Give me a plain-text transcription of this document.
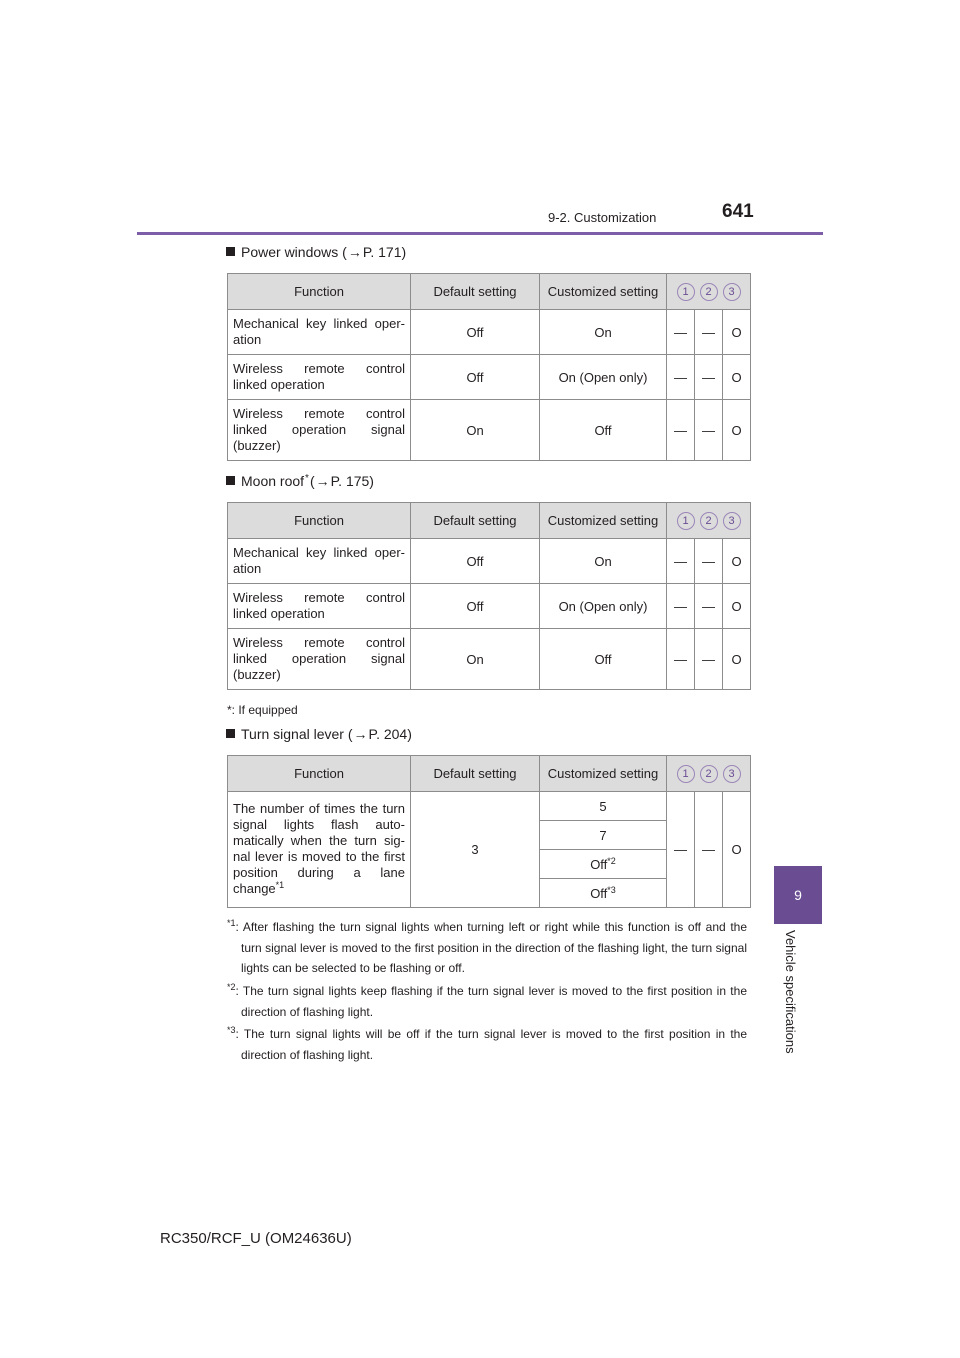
9-2. Customization	641
9
Vehicle specifications
Power windows ( → P. 171)
Function	Default setting	Customized setting	1 2 3		

Mechanical key linked oper-ation	Off	On	—	—	O
Wireless remote control linked operation	Off	On (Open only)	—	—	O
Wireless remote control linked operation signal (buzzer)	On	Off	—	—	O
Moon roof * ( → P. 175)
Function	Default setting	Customized setting	1 2 3		

Mechanical key linked oper-ation	Off	On	—	—	O
Wireless remote control linked operation	Off	On (Open only)	—	—	O
Wireless remote control linked operation signal (buzzer)	On	Off	—	—	O
*: If equipped
Turn signal lever ( → P. 204)
Function	Default setting	Customized setting	1 2 3		

The number of times the turn signal lights flash auto-matically when the turn sig-nal lever is moved to the first position during a lane change$^{*1}$	3	5	—	—	O
		7			
		Off$^{*2}$
		Off$^{*3}$
$^{*1}$: After flashing the turn signal lights when turning left or right while this function is off and the turn signal lever is moved to the first position in the direction of the flashing light, the turn signal lights can be selected to be flashing or off.
$^{*2}$: The turn signal lights keep flashing if the turn signal lever is moved to the first position in the direction of flashing light.
$^{*3}$: The turn signal lights will be off if the turn signal lever is moved to the first position in the direction of flashing light.
RC350/RCF_U (OM24636U)
